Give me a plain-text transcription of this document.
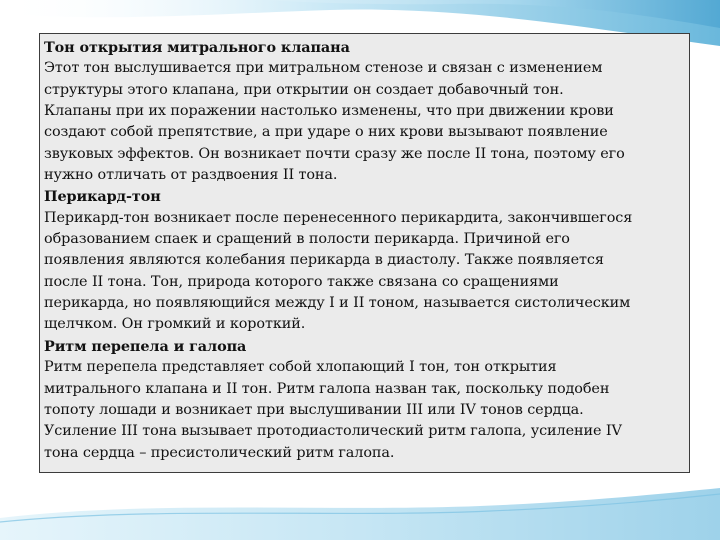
Тон открытия митрального клапана
Этот тон выслушивается при митральном стенозе и связан с изменением
структуры этого клапана, при открытии он создает добавочный тон.
Клапаны при их поражении настолько изменены, что при движении крови
создают собой препятствие, а при ударе о них крови вызывают появление
звуковых эффектов. Он возникает почти сразу же после II тона, поэтому его
нужно отличать от раздвоения II тона.
Перикард-тон
Перикард-тон возникает после перенесенного перикардита, закончившегося
образованием спаек и сращений в полости перикарда. Причиной его
появления являются колебания перикарда в диастолу. Также появляется
после II тона. Тон, природа которого также связана со сращениями
перикарда, но появляющийся между I и II тоном, называется систолическим
щелчком. Он громкий и короткий.
Ритм перепела и галопа
Ритм перепела представляет собой хлопающий I тон, тон открытия
митрального клапана и II тон. Ритм галопа назван так, поскольку подобен
топоту лошади и возникает при выслушивании III или IV тонов сердца.
Усиление III тона вызывает протодиастолический ритм галопа, усиление IV
тона сердца – пресистолический ритм галопа.
